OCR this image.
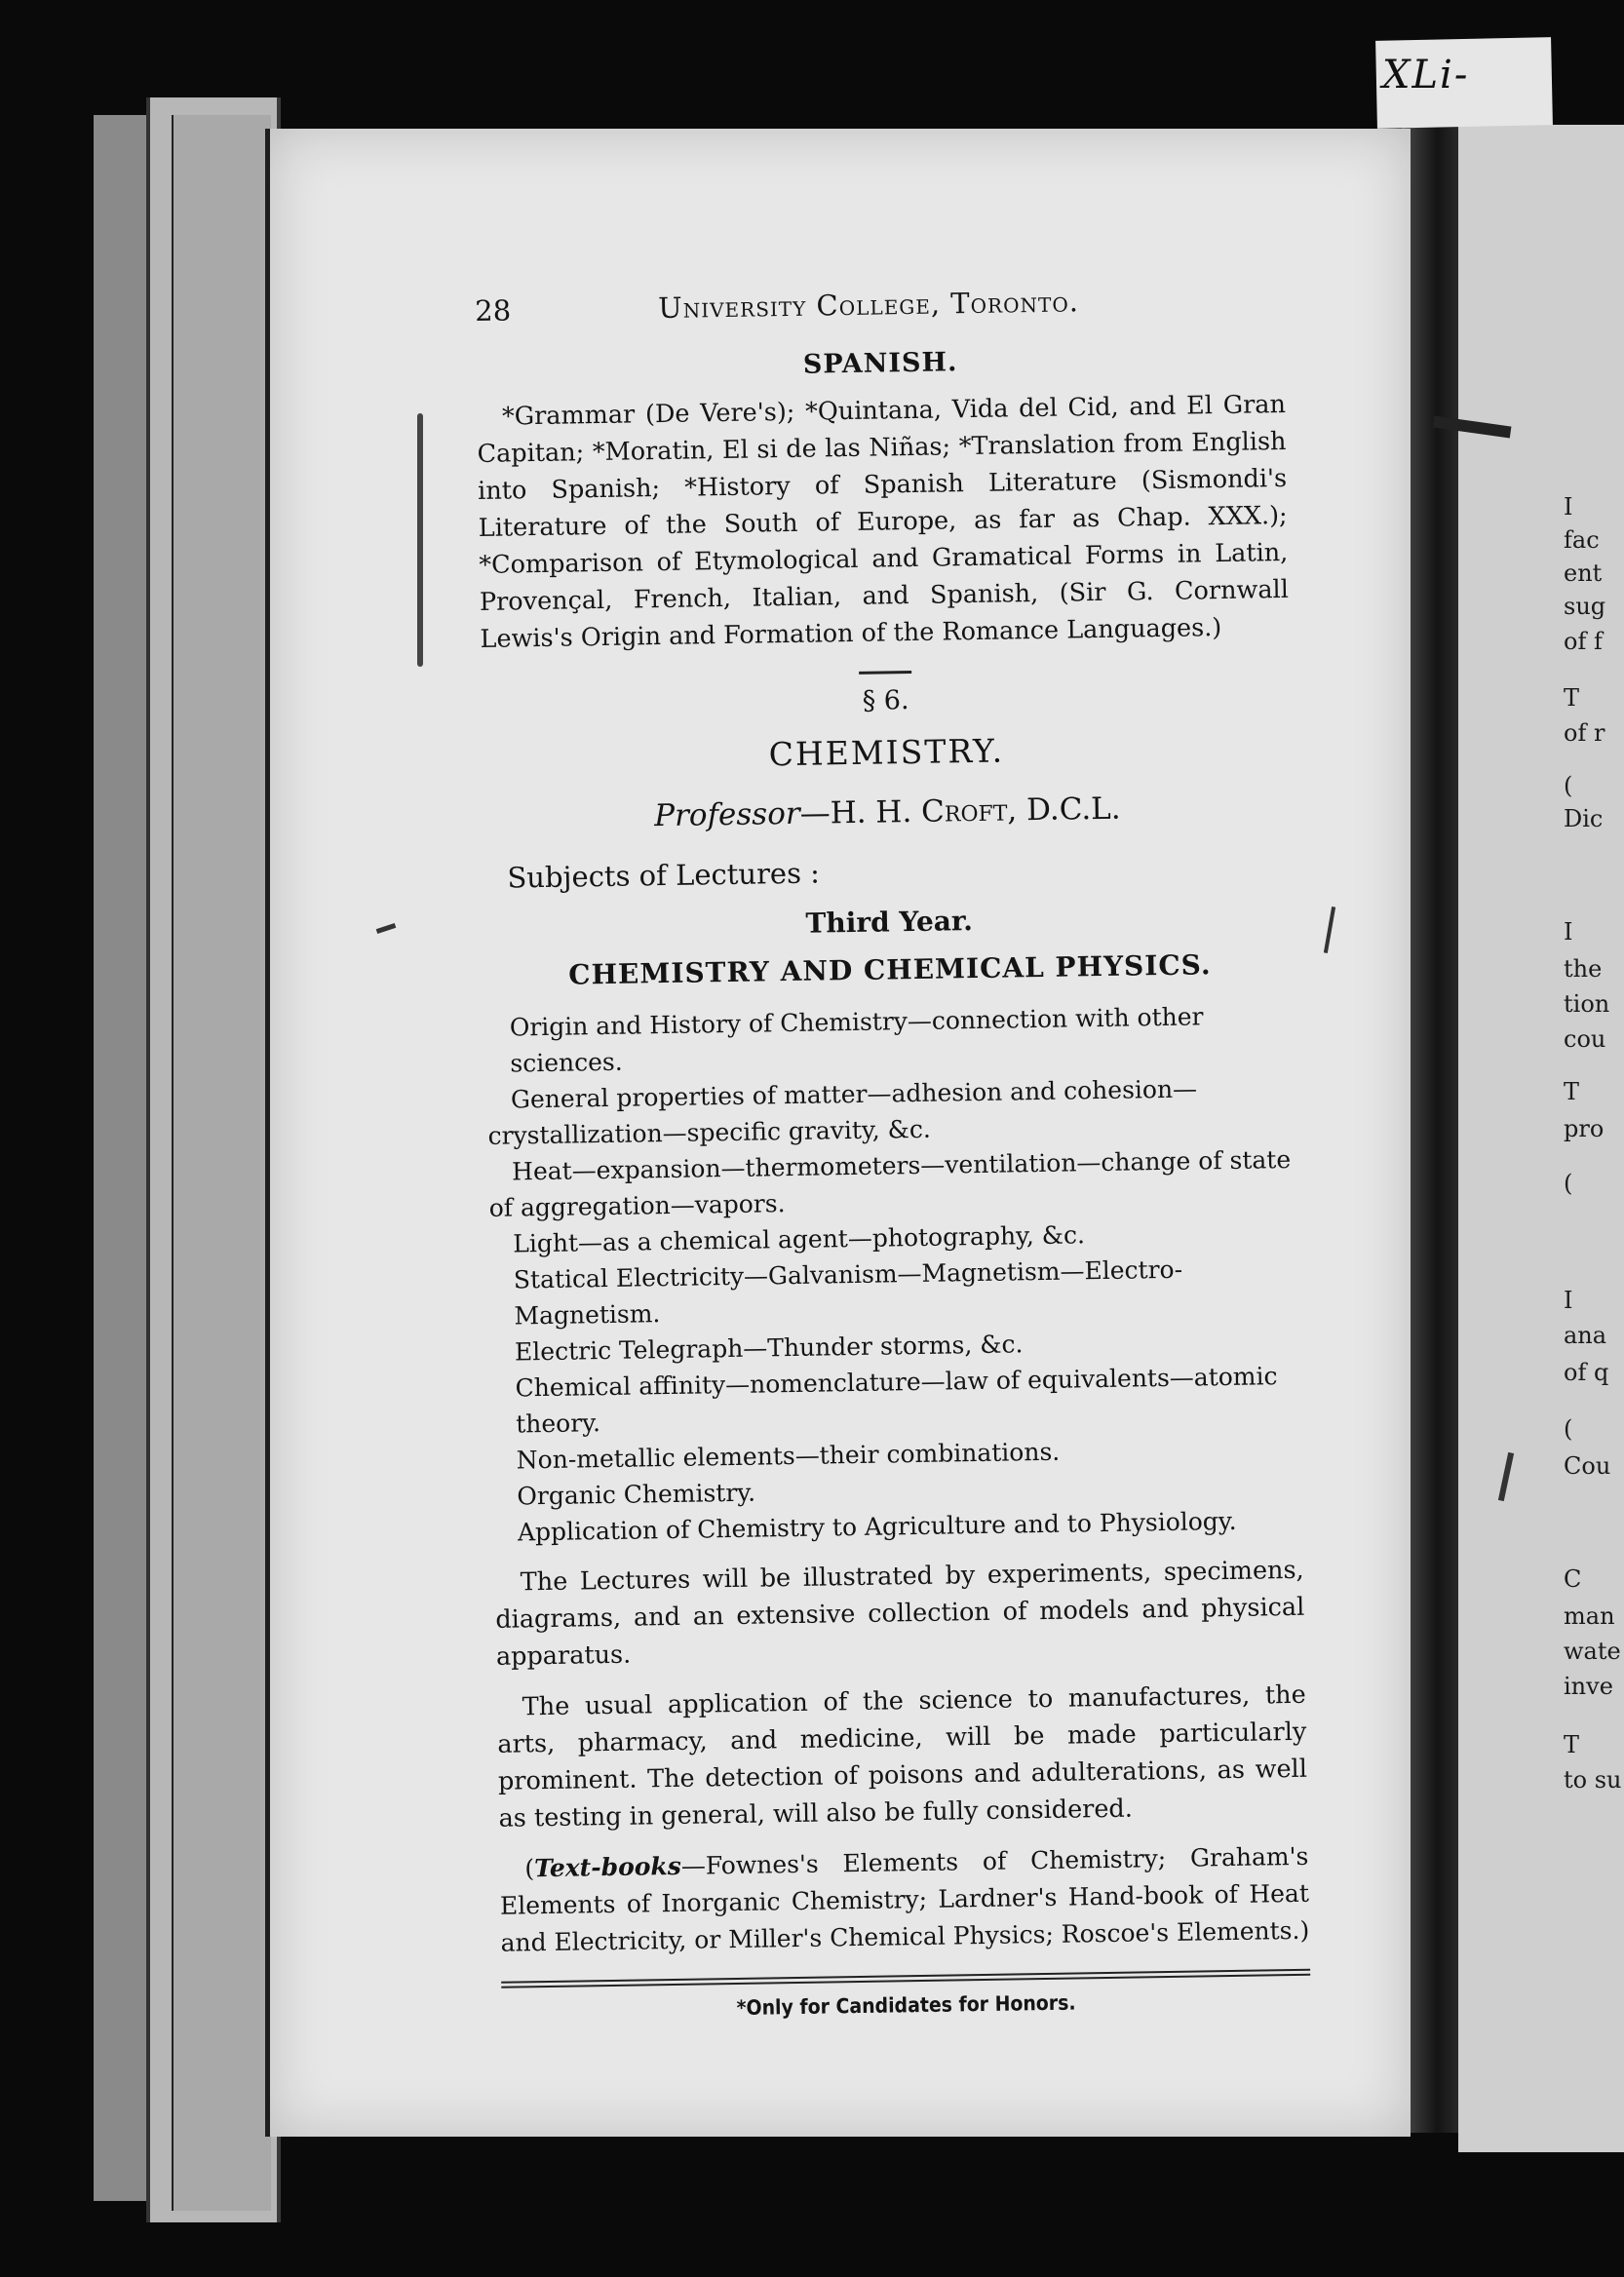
XLi-
I
fac
ent
sug
of f
T
of r
(
Dic
I
the
tion
cou
T
pro
(
I
ana
of q
(
Cou
C
man
wate
inve
T
to su
28	University College, Toronto.
SPANISH.

*Grammar (De Vere's); *Quintana, Vida del Cid, and El Gran Capitan; *Moratin, El si de las Niñas; *Translation from English into Spanish; *History of Spanish Literature (Sismondi's Literature of the South of Europe, as far as Chap. XXX.); *Comparison of Etymological and Gramatical Forms in Latin, Provençal, French, Italian, and Spanish, (Sir G. Cornwall Lewis's Origin and Formation of the Romance Languages.)

§ 6.
CHEMISTRY.
Professor—H. H. Croft, D.C.L.
Subjects of Lectures :
Third Year.
CHEMISTRY AND CHEMICAL PHYSICS.

Origin and History of Chemistry—connection with other sciences.

General properties of matter—adhesion and cohesion—crystallization—specific gravity, &c.

Heat—expansion—thermometers—ventilation—change of state of aggregation—vapors.

Light—as a chemical agent—photography, &c.

Statical Electricity—Galvanism—Magnetism—Electro-Magnetism.

Electric Telegraph—Thunder storms, &c.

Chemical affinity—nomenclature—law of equivalents—atomic theory.

Non-metallic elements—their combinations.

Organic Chemistry.

Application of Chemistry to Agriculture and to Physiology.

The Lectures will be illustrated by experiments, specimens, diagrams, and an extensive collection of models and physical apparatus.

The usual application of the science to manufactures, the arts, pharmacy, and medicine, will be made particularly prominent. The detection of poisons and adulterations, as well as testing in general, will also be fully considered.

(Text-books—Fownes's Elements of Chemistry; Graham's Elements of Inorganic Chemistry; Lardner's Hand-book of Heat and Electricity, or Miller's Chemical Physics; Roscoe's Elements.)

*Only for Candidates for Honors.
